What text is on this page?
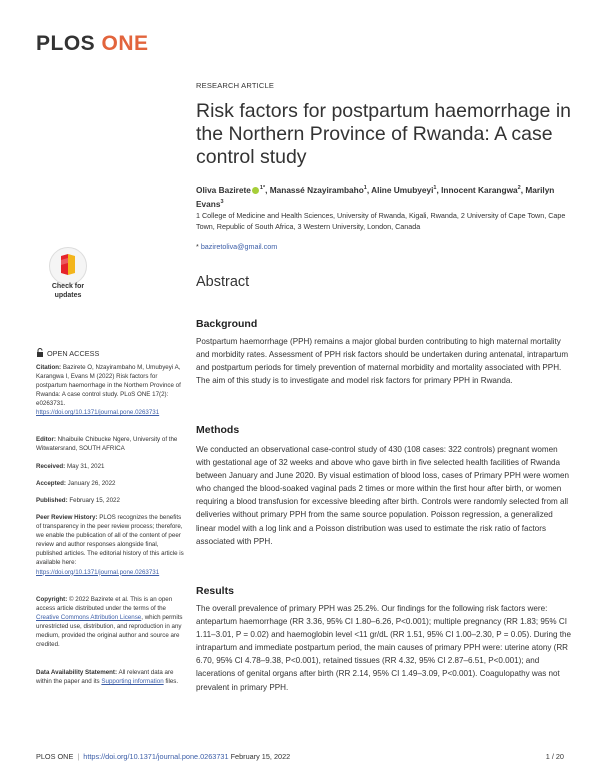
PLOS ONE
RESEARCH ARTICLE
Risk factors for postpartum haemorrhage in the Northern Province of Rwanda: A case control study
Oliva Bazirete $^{1*}$, Manassé Nzayirambaho$^1$, Aline Umubyeyi$^1$, Innocent Karangwa$^2$, Marilyn Evans$^3$
1 College of Medicine and Health Sciences, University of Rwanda, Kigali, Rwanda, 2 University of Cape Town, Cape Town, Republic of South Africa, 3 Western University, London, Canada
* baziretoliva@gmail.com
Check for
updates
Abstract
Background

Postpartum haemorrhage (PPH) remains a major global burden contributing to high maternal mortality and morbidity rates. Assessment of PPH risk factors should be undertaken during antenatal, intrapartum and postpartum periods for timely prevention of maternal morbidity and mortality associated with PPH. The aim of this study is to investigate and model risk factors for primary PPH in Rwanda.

Methods

We conducted an observational case-control study of 430 (108 cases: 322 controls) pregnant women with gestational age of 32 weeks and above who gave birth in five selected health facilities of Rwanda between January and June 2020. By visual estimation of blood loss, cases of Primary PPH were women who changed the blood-soaked vaginal pads 2 times or more within the first hour after birth, or women requiring a blood transfusion for excessive bleeding after birth. Controls were randomly selected from all deliveries without primary PPH from the same source population. Poisson regression, a generalized linear model with a log link and a Poisson distribution was used to estimate the risk ratio of factors associated with PPH.

Results

The overall prevalence of primary PPH was 25.2%. Our findings for the following risk factors were: antepartum haemorrhage (RR 3.36, 95% CI 1.80–6.26, P<0.001); multiple pregnancy (RR 1.83; 95% CI 1.11–3.01, P = 0.02) and haemoglobin level <11 gr/dL (RR 1.51, 95% CI 1.00–2.30, P = 0.05). During the intrapartum and immediate postpartum period, the main causes of primary PPH were: uterine atony (RR 6.70, 95% CI 4.78–9.38, P<0.001), retained tissues (RR 4.32, 95% CI 2.87–6.51, P<0.001); and lacerations of genital organs after birth (RR 2.14, 95% CI 1.49–3.09, P<0.001). Coagulopathy was not prevalent in primary PPH.

OPEN ACCESS
Citation: Bazirete O, Nzayirambaho M, Umubyeyi A, Karangwa I, Evans M (2022) Risk factors for postpartum haemorrhage in the Northern Province of Rwanda: A case control study. PLoS ONE 17(2): e0263731. https://doi.org/10.1371/journal.pone.0263731
Editor: Nhaibuile Chibucke Ngere, University of the Witwatersrand, SOUTH AFRICA
Received: May 31, 2021
Accepted: January 26, 2022
Published: February 15, 2022
Peer Review History: PLOS recognizes the benefits of transparency in the peer review process; therefore, we enable the publication of all of the content of peer review and author responses alongside final, published articles. The editorial history of this article is available here: https://doi.org/10.1371/journal.pone.0263731
Copyright: © 2022 Bazirete et al. This is an open access article distributed under the terms of the Creative Commons Attribution License, which permits unrestricted use, distribution, and reproduction in any medium, provided the original author and source are credited.
Data Availability Statement: All relevant data are within the paper and its Supporting information files.
PLOS ONE | https://doi.org/10.1371/journal.pone.0263731 February 15, 2022	1 / 20
